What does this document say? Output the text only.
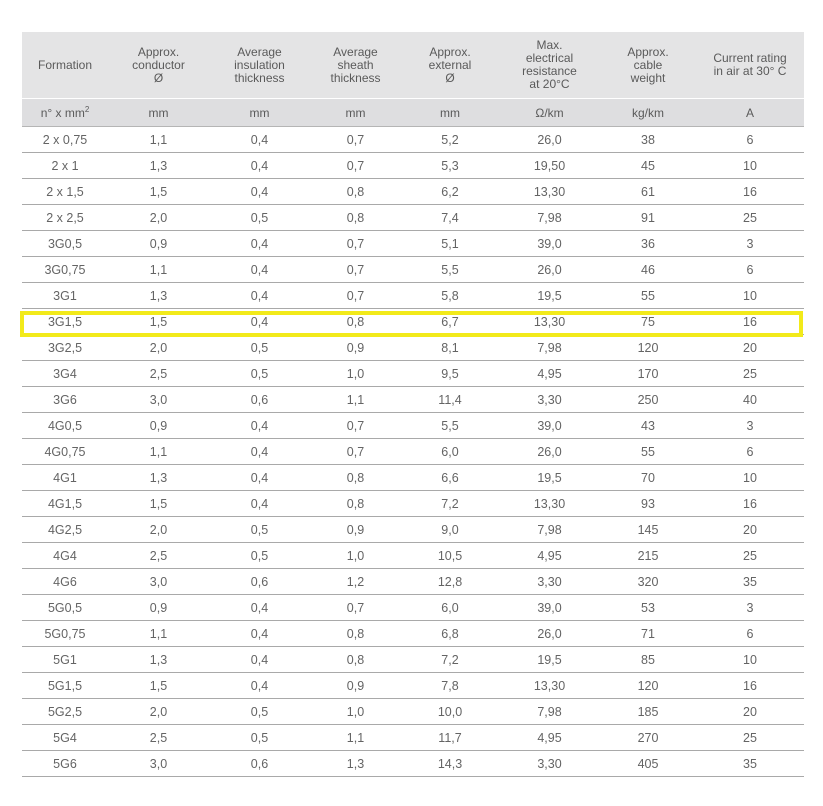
Formation	Approx.
conductor
Ø	Average
insulation
thickness	Average
sheath
thickness	Approx.
external
Ø	Max.
electrical
resistance
at 20°C	Approx.
cable
weight	Current rating
in air at 30° C
n° x $mm^2$	mm	mm	mm	mm	Ω/km	kg/km	A
2 x 0,75	1,1	0,4	0,7	5,2	26,0	38	6
2 x 1	1,3	0,4	0,7	5,3	19,50	45	10
2 x 1,5	1,5	0,4	0,8	6,2	13,30	61	16
2 x 2,5	2,0	0,5	0,8	7,4	7,98	91	25
3G0,5	0,9	0,4	0,7	5,1	39,0	36	3
3G0,75	1,1	0,4	0,7	5,5	26,0	46	6
3G1	1,3	0,4	0,7	5,8	19,5	55	10
3G1,5	1,5	0,4	0,8	6,7	13,30	75	16
3G2,5	2,0	0,5	0,9	8,1	7,98	120	20
3G4	2,5	0,5	1,0	9,5	4,95	170	25
3G6	3,0	0,6	1,1	11,4	3,30	250	40
4G0,5	0,9	0,4	0,7	5,5	39,0	43	3
4G0,75	1,1	0,4	0,7	6,0	26,0	55	6
4G1	1,3	0,4	0,8	6,6	19,5	70	10
4G1,5	1,5	0,4	0,8	7,2	13,30	93	16
4G2,5	2,0	0,5	0,9	9,0	7,98	145	20
4G4	2,5	0,5	1,0	10,5	4,95	215	25
4G6	3,0	0,6	1,2	12,8	3,30	320	35
5G0,5	0,9	0,4	0,7	6,0	39,0	53	3
5G0,75	1,1	0,4	0,8	6,8	26,0	71	6
5G1	1,3	0,4	0,8	7,2	19,5	85	10
5G1,5	1,5	0,4	0,9	7,8	13,30	120	16
5G2,5	2,0	0,5	1,0	10,0	7,98	185	20
5G4	2,5	0,5	1,1	11,7	4,95	270	25
5G6	3,0	0,6	1,3	14,3	3,30	405	35
